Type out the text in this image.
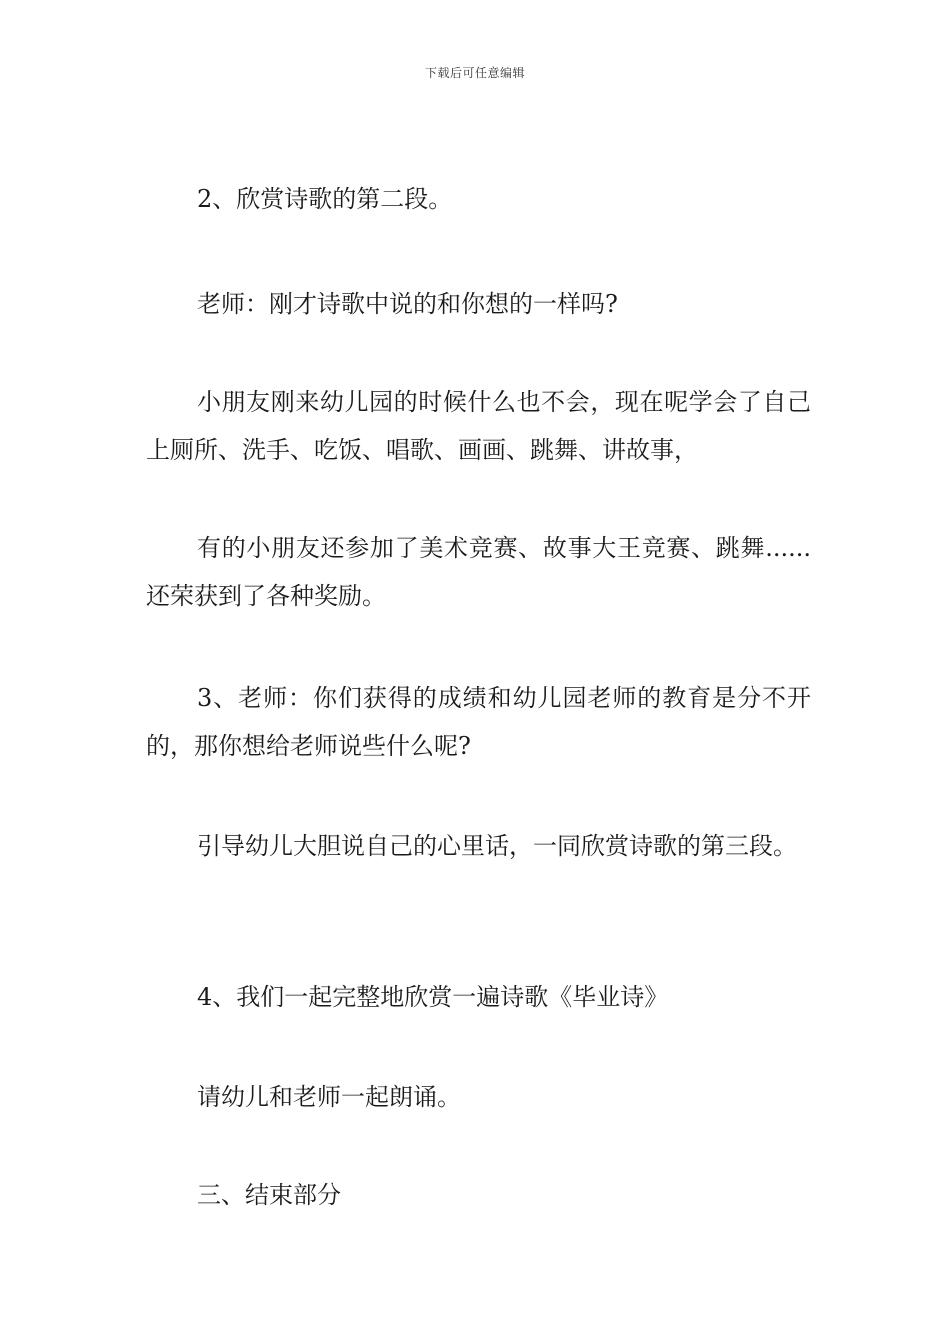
下载后可任意编辑

2、欣赏诗歌的第二段。

老师：刚才诗歌中说的和你想的一样吗?

小朋友刚来幼儿园的时候什么也不会，现在呢学会了自己上厕所、洗手、吃饭、唱歌、画画、跳舞、讲故事，

有的小朋友还参加了美术竞赛、故事大王竞赛、跳舞......还荣获到了各种奖励。

3、老师：你们获得的成绩和幼儿园老师的教育是分不开的，那你想给老师说些什么呢?

引导幼儿大胆说自己的心里话，一同欣赏诗歌的第三段。

4、我们一起完整地欣赏一遍诗歌《毕业诗》

请幼儿和老师一起朗诵。

三、结束部分
